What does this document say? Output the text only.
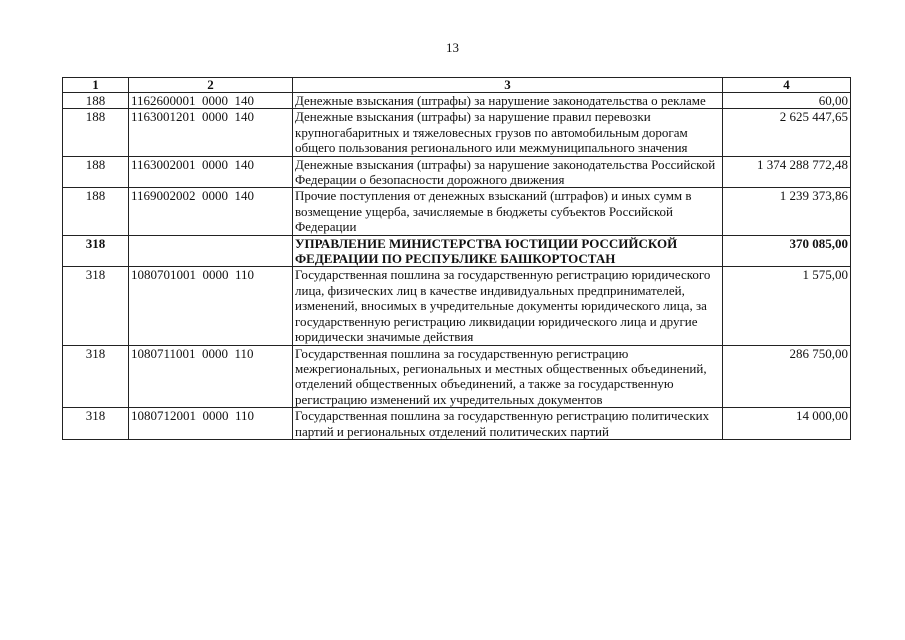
13
1	2	3	4
188	1162600001  0000  140	Денежные взыскания (штрафы) за нарушение законодательства о рекламе	60,00
188	1163001201  0000  140	Денежные взыскания (штрафы) за нарушение правил перевозки крупногабаритных и тяжеловесных грузов по автомобильным дорогам общего пользования регионального или межмуниципального значения	2 625 447,65
188	1163002001  0000  140	Денежные взыскания (штрафы) за нарушение законодательства Российской Федерации о безопасности дорожного движения	1 374 288 772,48
188	1169002002  0000  140	Прочие поступления от денежных взысканий (штрафов) и иных сумм в возмещение ущерба, зачисляемые в бюджеты субъектов Российской Федерации	1 239 373,86
318		УПРАВЛЕНИЕ МИНИСТЕРСТВА ЮСТИЦИИ РОССИЙСКОЙ ФЕДЕРАЦИИ ПО РЕСПУБЛИКЕ БАШКОРТОСТАН	370 085,00
318	1080701001  0000  110	Государственная пошлина за государственную регистрацию юридического лица, физических лиц в качестве индивидуальных предпринимателей, изменений, вносимых в учредительные документы юридического лица, за государственную регистрацию ликвидации юридического лица и другие юридически значимые действия	1 575,00
318	1080711001  0000  110	Государственная пошлина за государственную регистрацию межрегиональных, региональных и местных общественных объединений, отделений общественных объединений, а также за государственную регистрацию изменений их учредительных документов	286 750,00
318	1080712001  0000  110	Государственная пошлина за государственную регистрацию политических партий и региональных отделений политических партий	14 000,00
